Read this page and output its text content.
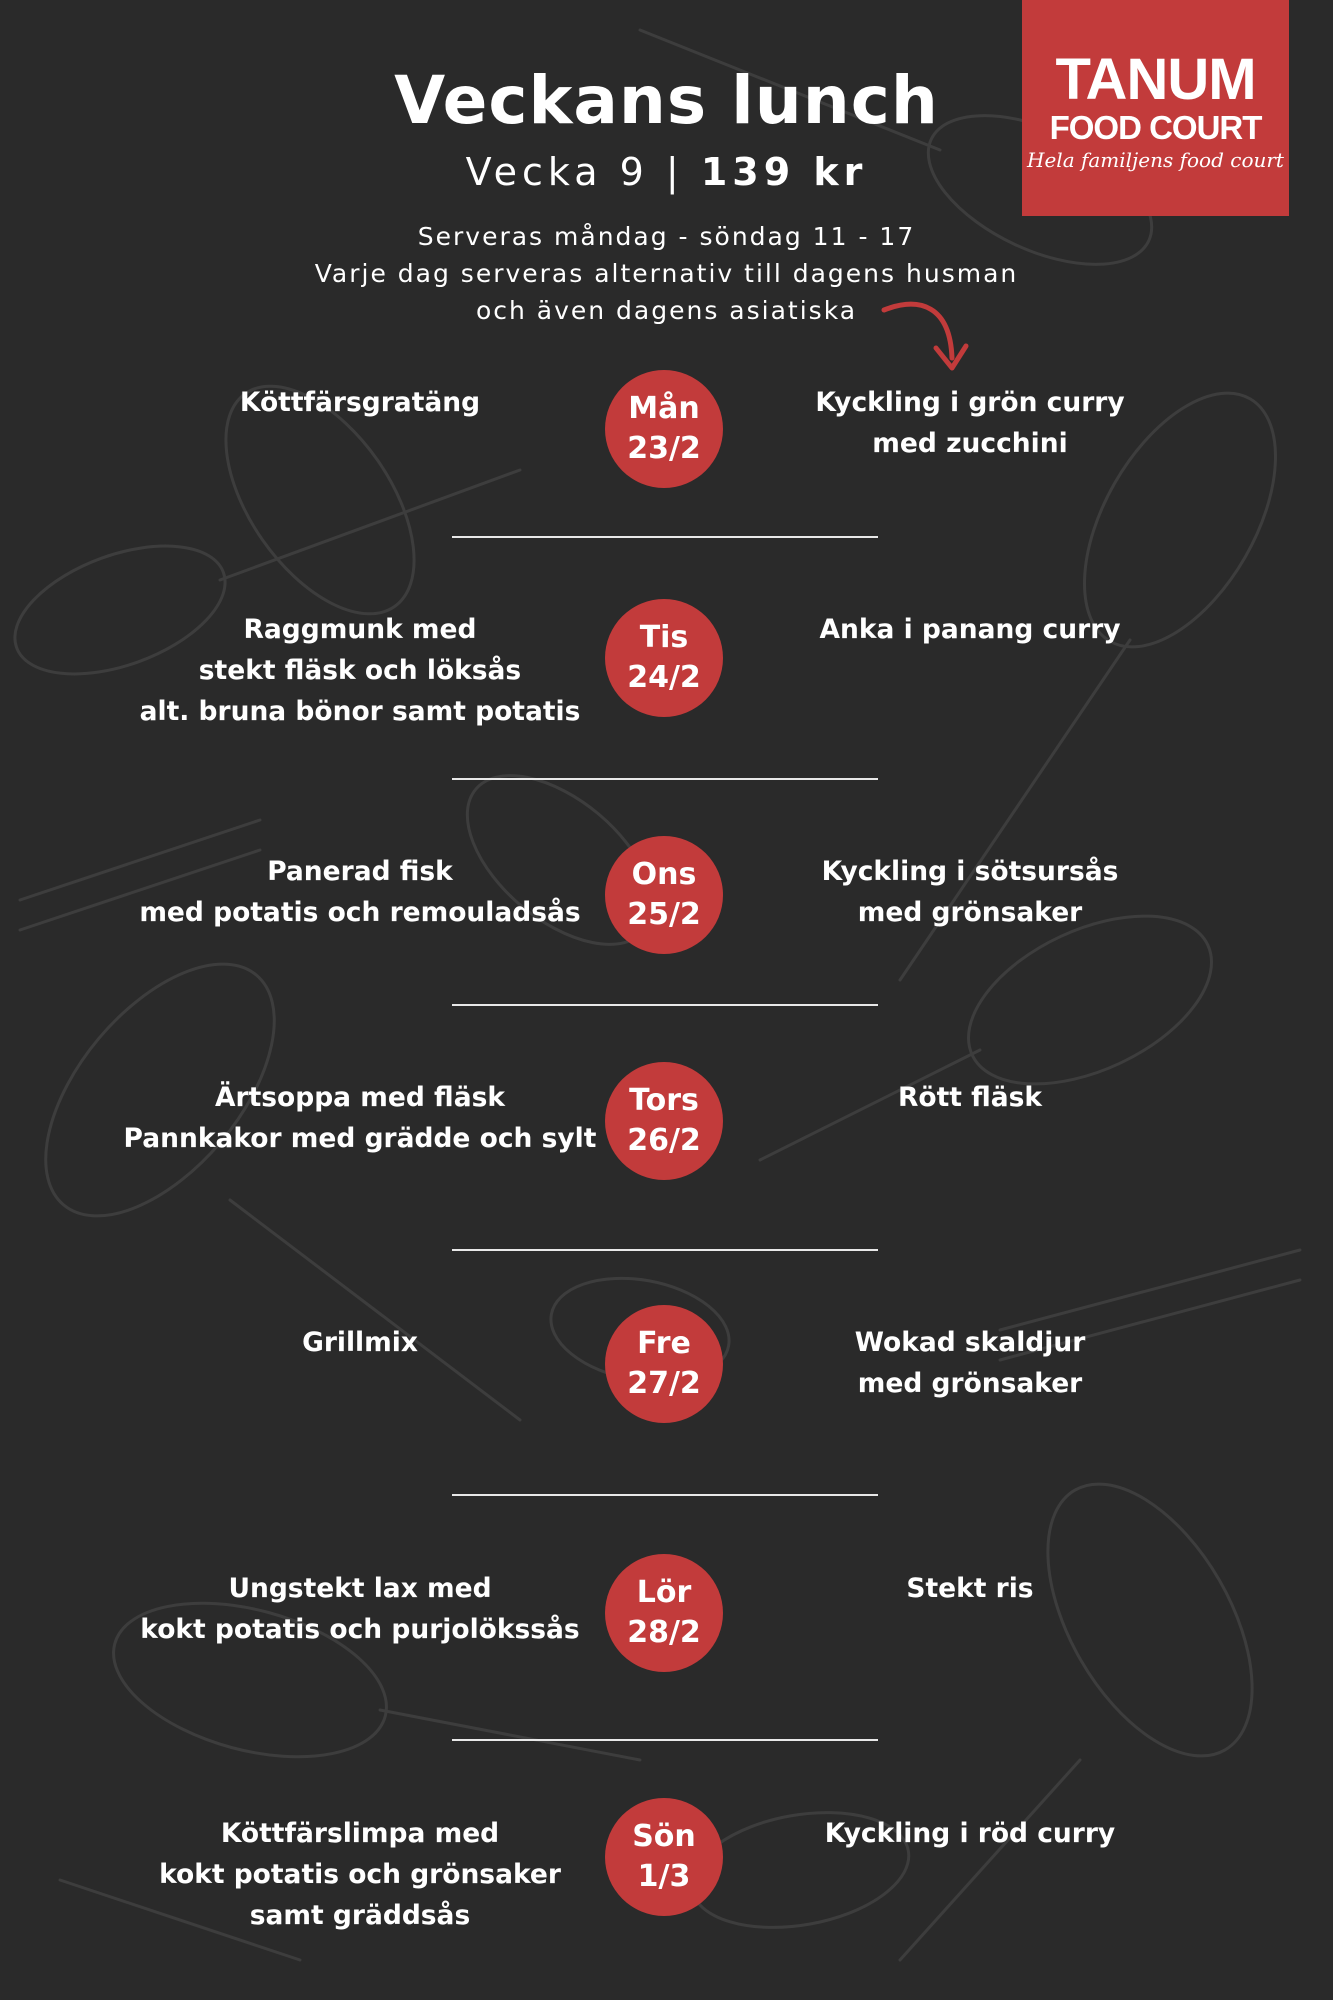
Veckans lunch
Vecka 9 | 139 kr
Serveras måndag - söndag 11 - 17
Varje dag serveras alternativ till dagens husman
och även dagens asiatiska
TANUM
FOOD COURT
Hela familjens food court
Köttfärsgratäng	Mån
23/2
Kyckling i grön curry
med zucchini
Raggmunk med
stekt fläsk och löksås
alt. bruna bönor samt potatis
Tis
24/2
Anka i panang curry
Panerad fisk
med potatis och remouladsås
Ons
25/2
Kyckling i sötsursås
med grönsaker
Ärtsoppa med fläsk
Pannkakor med grädde och sylt
Tors
26/2
Rött fläsk
Grillmix	Fre
27/2
Wokad skaldjur
med grönsaker
Ungstekt lax med
kokt potatis och purjolökssås
Lör
28/2
Stekt ris
Köttfärslimpa med
kokt potatis och grönsaker
samt gräddsås
Sön
1/3
Kyckling i röd curry
